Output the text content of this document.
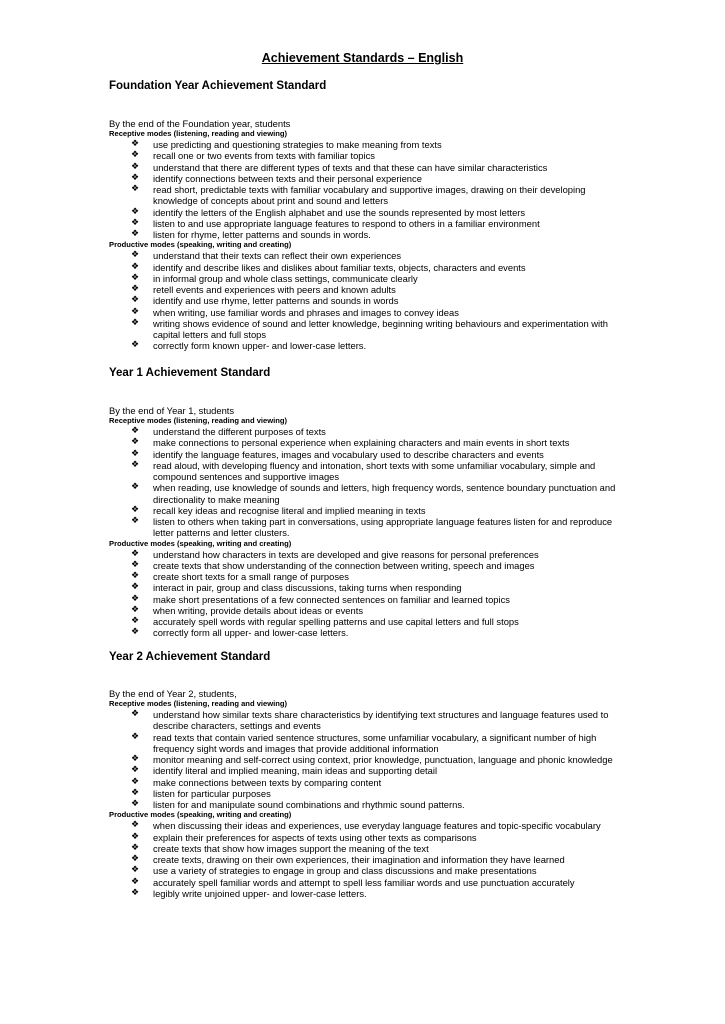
Achievement Standards – English
Foundation Year Achievement Standard

By the end of the Foundation year, students

Receptive modes (listening, reading and viewing)

❖ use predicting and questioning strategies to make meaning from texts
❖ recall one or two events from texts with familiar topics
❖ understand that there are different types of texts and that these can have similar characteristics
❖ identify connections between texts and their personal experience
❖ read short, predictable texts with familiar vocabulary and supportive images, drawing on their developing knowledge of concepts about print and sound and letters
❖ identify the letters of the English alphabet and use the sounds represented by most letters
❖ listen to and use appropriate language features to respond to others in a familiar environment
❖ listen for rhyme, letter patterns and sounds in words.

Productive modes (speaking, writing and creating)

❖ understand that their texts can reflect their own experiences
❖ identify and describe likes and dislikes about familiar texts, objects, characters and events
❖ in informal group and whole class settings, communicate clearly
❖ retell events and experiences with peers and known adults
❖ identify and use rhyme, letter patterns and sounds in words
❖ when writing, use familiar words and phrases and images to convey ideas
❖ writing shows evidence of sound and letter knowledge, beginning writing behaviours and experimentation with capital letters and full stops
❖ correctly form known upper- and lower-case letters.
Year 1 Achievement Standard

By the end of Year 1, students

Receptive modes (listening, reading and viewing)

❖ understand the different purposes of texts
❖ make connections to personal experience when explaining characters and main events in short texts
❖ identify the language features, images and vocabulary used to describe characters and events
❖ read aloud, with developing fluency and intonation, short texts with some unfamiliar vocabulary, simple and compound sentences and supportive images
❖ when reading, use knowledge of sounds and letters, high frequency words, sentence boundary punctuation and directionality to make meaning
❖ recall key ideas and recognise literal and implied meaning in texts
❖ listen to others when taking part in conversations, using appropriate language features listen for and reproduce letter patterns and letter clusters.

Productive modes (speaking, writing and creating)

❖ understand how characters in texts are developed and give reasons for personal preferences
❖ create texts that show understanding of the connection between writing, speech and images
❖ create short texts for a small range of purposes
❖ interact in pair, group and class discussions, taking turns when responding
❖ make short presentations of a few connected sentences on familiar and learned topics
❖ when writing, provide details about ideas or events
❖ accurately spell words with regular spelling patterns and use capital letters and full stops
❖ correctly form all upper- and lower-case letters.
Year 2 Achievement Standard

By the end of Year 2, students,

Receptive modes (listening, reading and viewing)

❖ understand how similar texts share characteristics by identifying text structures and language features used to describe characters, settings and events
❖ read texts that contain varied sentence structures, some unfamiliar vocabulary, a significant number of high frequency sight words and images that provide additional information
❖ monitor meaning and self-correct using context, prior knowledge, punctuation, language and phonic knowledge
❖ identify literal and implied meaning, main ideas and supporting detail
❖ make connections between texts by comparing content
❖ listen for particular purposes
❖ listen for and manipulate sound combinations and rhythmic sound patterns.

Productive modes (speaking, writing and creating)

❖ when discussing their ideas and experiences, use everyday language features and topic-specific vocabulary
❖ explain their preferences for aspects of texts using other texts as comparisons
❖ create texts that show how images support the meaning of the text
❖ create texts, drawing on their own experiences, their imagination and information they have learned
❖ use a variety of strategies to engage in group and class discussions and make presentations
❖ accurately spell familiar words and attempt to spell less familiar words and use punctuation accurately
❖ legibly write unjoined upper- and lower-case letters.
